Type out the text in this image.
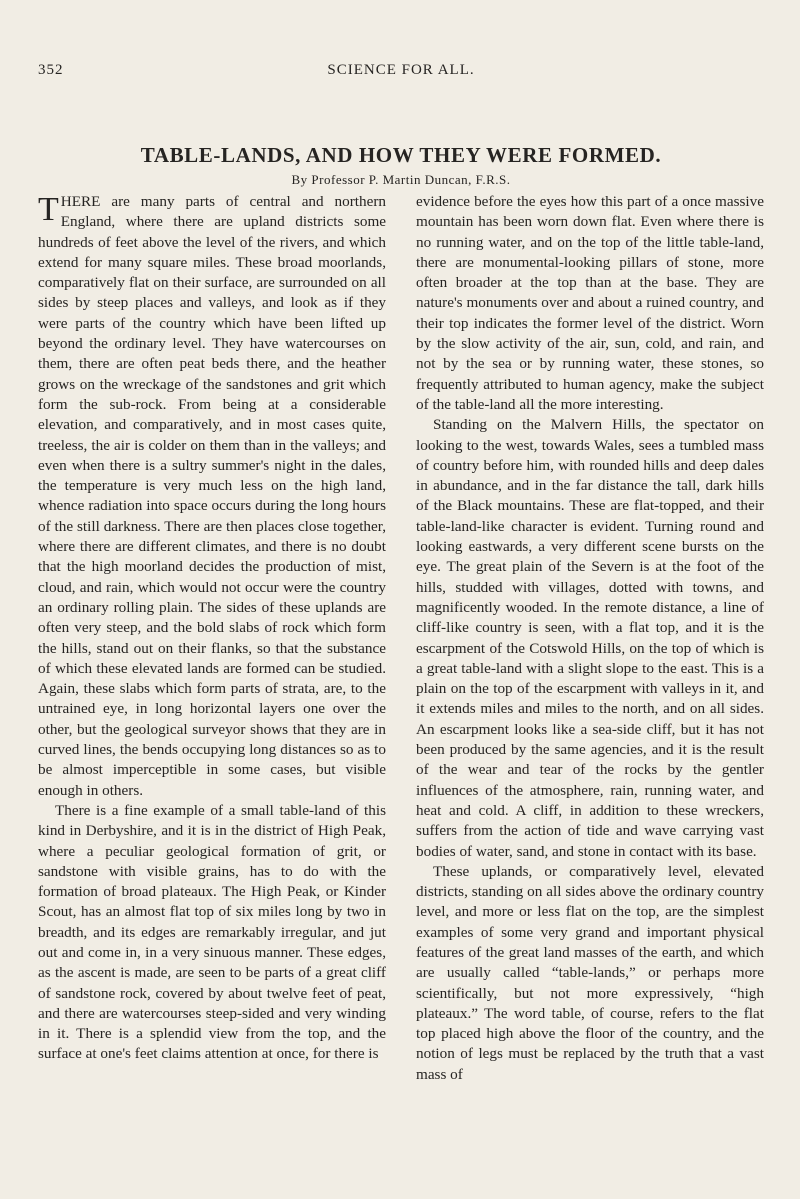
352	SCIENCE FOR ALL.
TABLE-LANDS, AND HOW THEY WERE FORMED.
By Professor P. Martin Duncan, F.R.S.

THERE are many parts of central and northern England, where there are upland districts some hundreds of feet above the level of the rivers, and which extend for many square miles. These broad moorlands, comparatively flat on their surface, are surrounded on all sides by steep places and valleys, and look as if they were parts of the country which have been lifted up beyond the ordinary level. They have watercourses on them, there are often peat beds there, and the heather grows on the wreckage of the sandstones and grit which form the sub-rock. From being at a considerable elevation, and comparatively, and in most cases quite, treeless, the air is colder on them than in the valleys; and even when there is a sultry summer's night in the dales, the temperature is very much less on the high land, whence radiation into space occurs during the long hours of the still darkness. There are then places close together, where there are different climates, and there is no doubt that the high moorland decides the production of mist, cloud, and rain, which would not occur were the country an ordinary rolling plain. The sides of these uplands are often very steep, and the bold slabs of rock which form the hills, stand out on their flanks, so that the substance of which these elevated lands are formed can be studied. Again, these slabs which form parts of strata, are, to the untrained eye, in long horizontal layers one over the other, but the geological surveyor shows that they are in curved lines, the bends occupying long distances so as to be almost imperceptible in some cases, but visible enough in others.

There is a fine example of a small table-land of this kind in Derbyshire, and it is in the district of High Peak, where a peculiar geological formation of grit, or sandstone with visible grains, has to do with the formation of broad plateaux. The High Peak, or Kinder Scout, has an almost flat top of six miles long by two in breadth, and its edges are remarkably irregular, and jut out and come in, in a very sinuous manner. These edges, as the ascent is made, are seen to be parts of a great cliff of sandstone rock, covered by about twelve feet of peat, and there are watercourses steep-sided and very winding in it. There is a splendid view from the top, and the surface at one's feet claims attention at once, for there is

evidence before the eyes how this part of a once massive mountain has been worn down flat. Even where there is no running water, and on the top of the little table-land, there are monumental-looking pillars of stone, more often broader at the top than at the base. They are nature's monuments over and about a ruined country, and their top indicates the former level of the district. Worn by the slow activity of the air, sun, cold, and rain, and not by the sea or by running water, these stones, so frequently attributed to human agency, make the subject of the table-land all the more interesting.

Standing on the Malvern Hills, the spectator on looking to the west, towards Wales, sees a tumbled mass of country before him, with rounded hills and deep dales in abundance, and in the far distance the tall, dark hills of the Black mountains. These are flat-topped, and their table-land-like character is evident. Turning round and looking eastwards, a very different scene bursts on the eye. The great plain of the Severn is at the foot of the hills, studded with villages, dotted with towns, and magnificently wooded. In the remote distance, a line of cliff-like country is seen, with a flat top, and it is the escarpment of the Cotswold Hills, on the top of which is a great table-land with a slight slope to the east. This is a plain on the top of the escarpment with valleys in it, and it extends miles and miles to the north, and on all sides. An escarpment looks like a sea-side cliff, but it has not been produced by the same agencies, and it is the result of the wear and tear of the rocks by the gentler influences of the atmosphere, rain, running water, and heat and cold. A cliff, in addition to these wreckers, suffers from the action of tide and wave carrying vast bodies of water, sand, and stone in contact with its base.

These uplands, or comparatively level, elevated districts, standing on all sides above the ordinary country level, and more or less flat on the top, are the simplest examples of some very grand and important physical features of the great land masses of the earth, and which are usually called “table-lands,” or perhaps more scientifically, but not more expressively, “high plateaux.” The word table, of course, refers to the flat top placed high above the floor of the country, and the notion of legs must be replaced by the truth that a vast mass of
